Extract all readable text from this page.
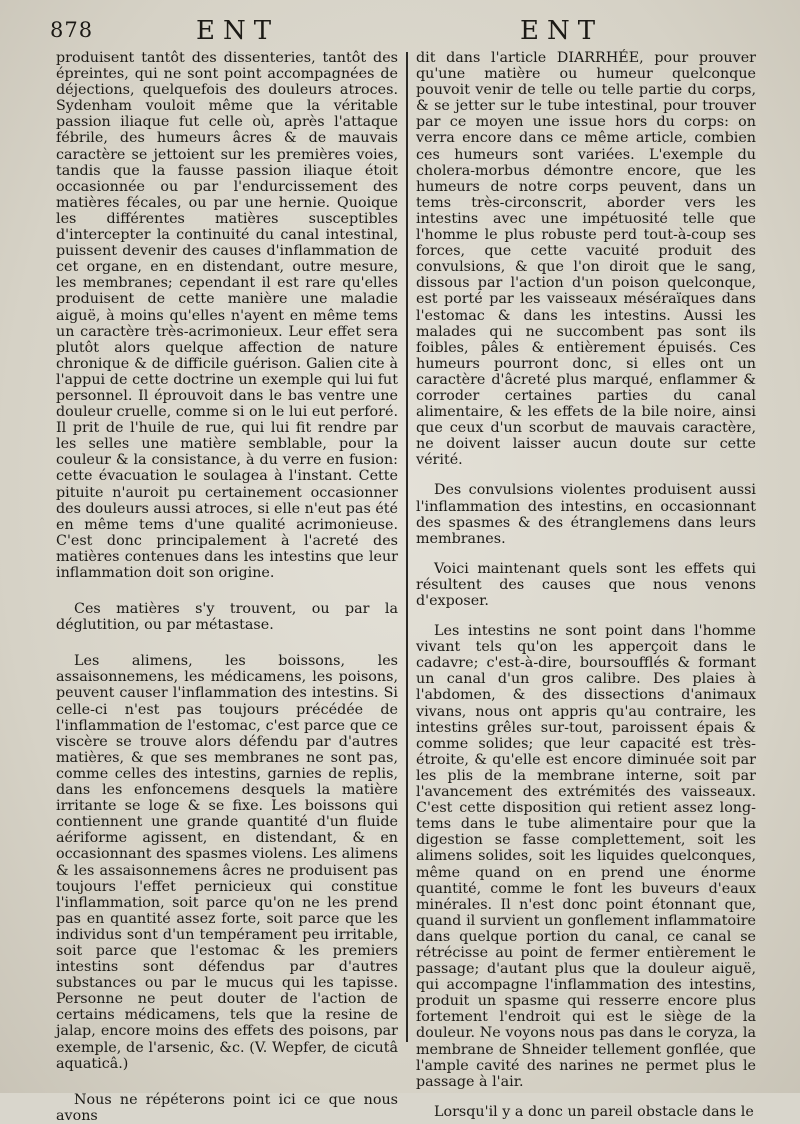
878	ENT	ENT

produisent tantôt des dissenteries, tantôt des épreintes, qui ne sont point accompagnées de déjections, quelquefois des douleurs atroces. Sydenham vouloit même que la véritable passion iliaque fut celle où, après l'attaque fébrile, des humeurs âcres & de mauvais caractère se jettoient sur les premières voies, tandis que la fausse passion iliaque étoit occasionnée ou par l'endurcissement des matières fécales, ou par une hernie. Quoique les différentes matières susceptibles d'intercepter la continuité du canal intestinal, puissent devenir des causes d'inflammation de cet organe, en en distendant, outre mesure, les membranes; cependant il est rare qu'elles produisent de cette manière une maladie aiguë, à moins qu'elles n'ayent en même tems un caractère très-acrimonieux. Leur effet sera plutôt alors quelque affection de nature chronique & de difficile guérison. Galien cite à l'appui de cette doctrine un exemple qui lui fut personnel. Il éprouvoit dans le bas ventre une douleur cruelle, comme si on le lui eut perforé. Il prit de l'huile de rue, qui lui fit rendre par les selles une matière semblable, pour la couleur & la consistance, à du verre en fusion: cette évacuation le soulagea à l'instant. Cette pituite n'auroit pu certainement occasionner des douleurs aussi atroces, si elle n'eut pas été en même tems d'une qualité acrimonieuse. C'est donc principalement à l'acreté des matières contenues dans les intestins que leur inflammation doit son origine.

Ces matières s'y trouvent, ou par la déglutition, ou par métastase.

Les alimens, les boissons, les assaisonnemens, les médicamens, les poisons, peuvent causer l'inflammation des intestins. Si celle-ci n'est pas toujours précédée de l'inflammation de l'estomac, c'est parce que ce viscère se trouve alors défendu par d'autres matières, & que ses membranes ne sont pas, comme celles des intestins, garnies de replis, dans les enfoncemens desquels la matière irritante se loge & se fixe. Les boissons qui contiennent une grande quantité d'un fluide aériforme agissent, en distendant, & en occasionnant des spasmes violens. Les alimens & les assaisonnemens âcres ne produisent pas toujours l'effet pernicieux qui constitue l'inflammation, soit parce qu'on ne les prend pas en quantité assez forte, soit parce que les individus sont d'un tempérament peu irritable, soit parce que l'estomac & les premiers intestins sont défendus par d'autres substances ou par le mucus qui les tapisse. Personne ne peut douter de l'action de certains médicamens, tels que la resine de jalap, encore moins des effets des poisons, par exemple, de l'arsenic, &c. (V. Wepfer, de cicutâ aquaticâ.)

Nous ne répéterons point ici ce que nous avons

dit dans l'article DIARRHÉE, pour prouver qu'une matière ou humeur quelconque pouvoit venir de telle ou telle partie du corps, & se jetter sur le tube intestinal, pour trouver par ce moyen une issue hors du corps: on verra encore dans ce même article, combien ces humeurs sont variées. L'exemple du cholera-morbus démontre encore, que les humeurs de notre corps peuvent, dans un tems très-circonscrit, aborder vers les intestins avec une impétuosité telle que l'homme le plus robuste perd tout-à-coup ses forces, que cette vacuité produit des convulsions, & que l'on diroit que le sang, dissous par l'action d'un poison quelconque, est porté par les vaisseaux méséraïques dans l'estomac & dans les intestins. Aussi les malades qui ne succombent pas sont ils foibles, pâles & entièrement épuisés. Ces humeurs pourront donc, si elles ont un caractère d'âcreté plus marqué, enflammer & corroder certaines parties du canal alimentaire, & les effets de la bile noire, ainsi que ceux d'un scorbut de mauvais caractère, ne doivent laisser aucun doute sur cette vérité.

Des convulsions violentes produisent aussi l'inflammation des intestins, en occasionnant des spasmes & des étranglemens dans leurs membranes.

Voici maintenant quels sont les effets qui résultent des causes que nous venons d'exposer.

Les intestins ne sont point dans l'homme vivant tels qu'on les apperçoit dans le cadavre; c'est-à-dire, boursoufflés & formant un canal d'un gros calibre. Des plaies à l'abdomen, & des dissections d'animaux vivans, nous ont appris qu'au contraire, les intestins grêles sur-tout, paroissent épais & comme solides; que leur capacité est très-étroite, & qu'elle est encore diminuée soit par les plis de la membrane interne, soit par l'avancement des extrémités des vaisseaux. C'est cette disposition qui retient assez long-tems dans le tube alimentaire pour que la digestion se fasse complettement, soit les alimens solides, soit les liquides quelconques, même quand on en prend une énorme quantité, comme le font les buveurs d'eaux minérales. Il n'est donc point étonnant que, quand il survient un gonflement inflammatoire dans quelque portion du canal, ce canal se rétrécisse au point de fermer entièrement le passage; d'autant plus que la douleur aiguë, qui accompagne l'inflammation des intestins, produit un spasme qui resserre encore plus fortement l'endroit qui est le siège de la douleur. Ne voyons nous pas dans le coryza, la membrane de Shneider tellement gonflée, que l'ample cavité des narines ne permet plus le passage à l'air.

Lorsqu'il y a donc un pareil obstacle dans le
